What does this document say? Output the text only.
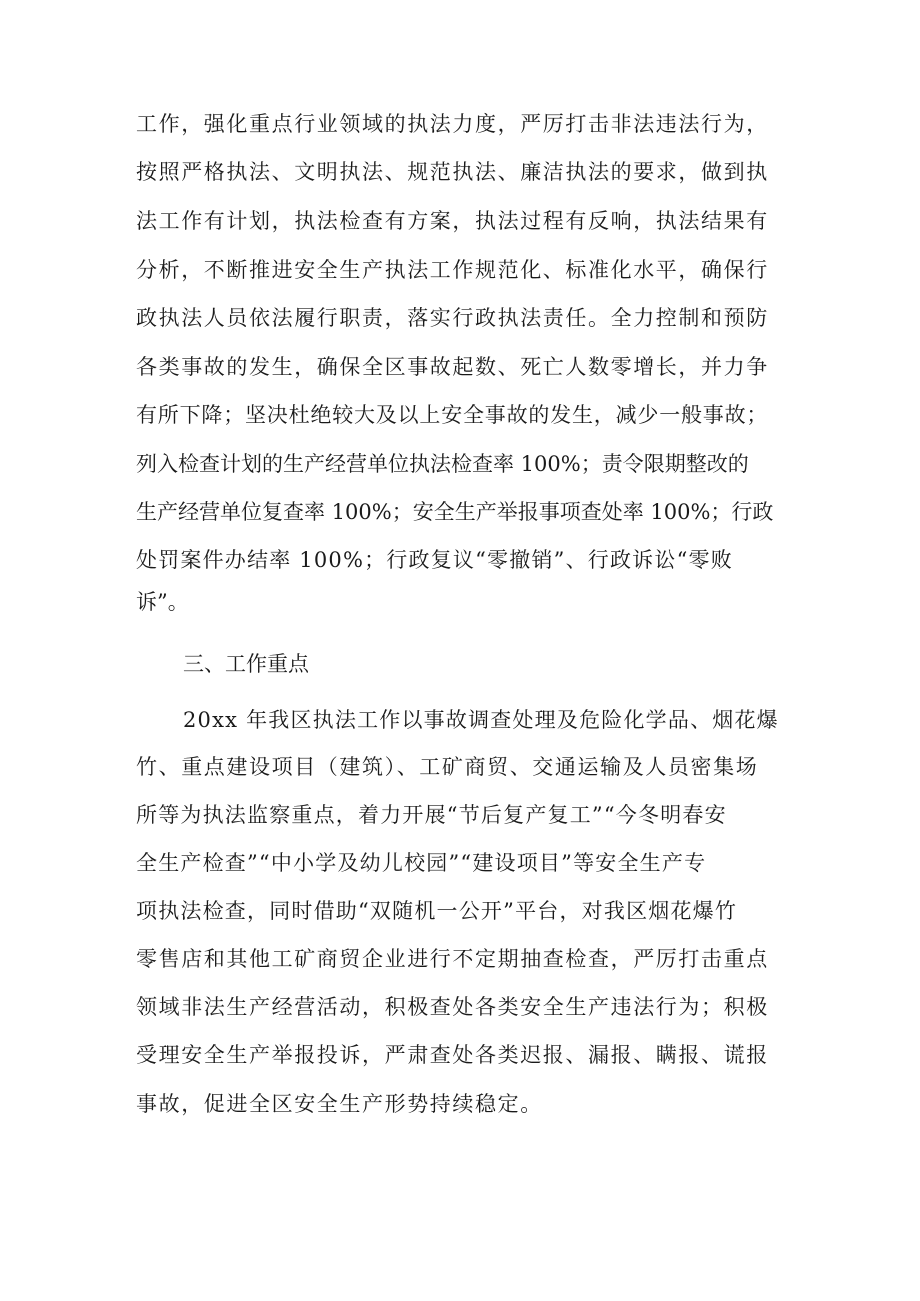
工作，强化重点行业领域的执法力度，严厉打击非法违法行为，

按照严格执法、文明执法、规范执法、廉洁执法的要求，做到执

法工作有计划，执法检查有方案，执法过程有反响，执法结果有

分析，不断推进安全生产执法工作规范化、标准化水平，确保行

政执法人员依法履行职责，落实行政执法责任。全力控制和预防

各类事故的发生，确保全区事故起数、死亡人数零增长，并力争

有所下降；坚决杜绝较大及以上安全事故的发生，减少一般事故；

列入检查计划的生产经营单位执法检查率 100%；责令限期整改的

生产经营单位复查率 100%；安全生产举报事项查处率 100%；行政

处罚案件办结率 100%；行政复议“零撤销”、行政诉讼“零败

诉”。

三、工作重点

20xx 年我区执法工作以事故调查处理及危险化学品、烟花爆

竹、重点建设项目（建筑）、工矿商贸、交通运输及人员密集场

所等为执法监察重点，着力开展“节后复产复工”“今冬明春安

全生产检查”“中小学及幼儿校园”“建设项目”等安全生产专

项执法检查，同时借助“双随机一公开”平台，对我区烟花爆竹

零售店和其他工矿商贸企业进行不定期抽查检查，严厉打击重点

领域非法生产经营活动，积极查处各类安全生产违法行为；积极

受理安全生产举报投诉，严肃查处各类迟报、漏报、瞒报、谎报

事故，促进全区安全生产形势持续稳定。
